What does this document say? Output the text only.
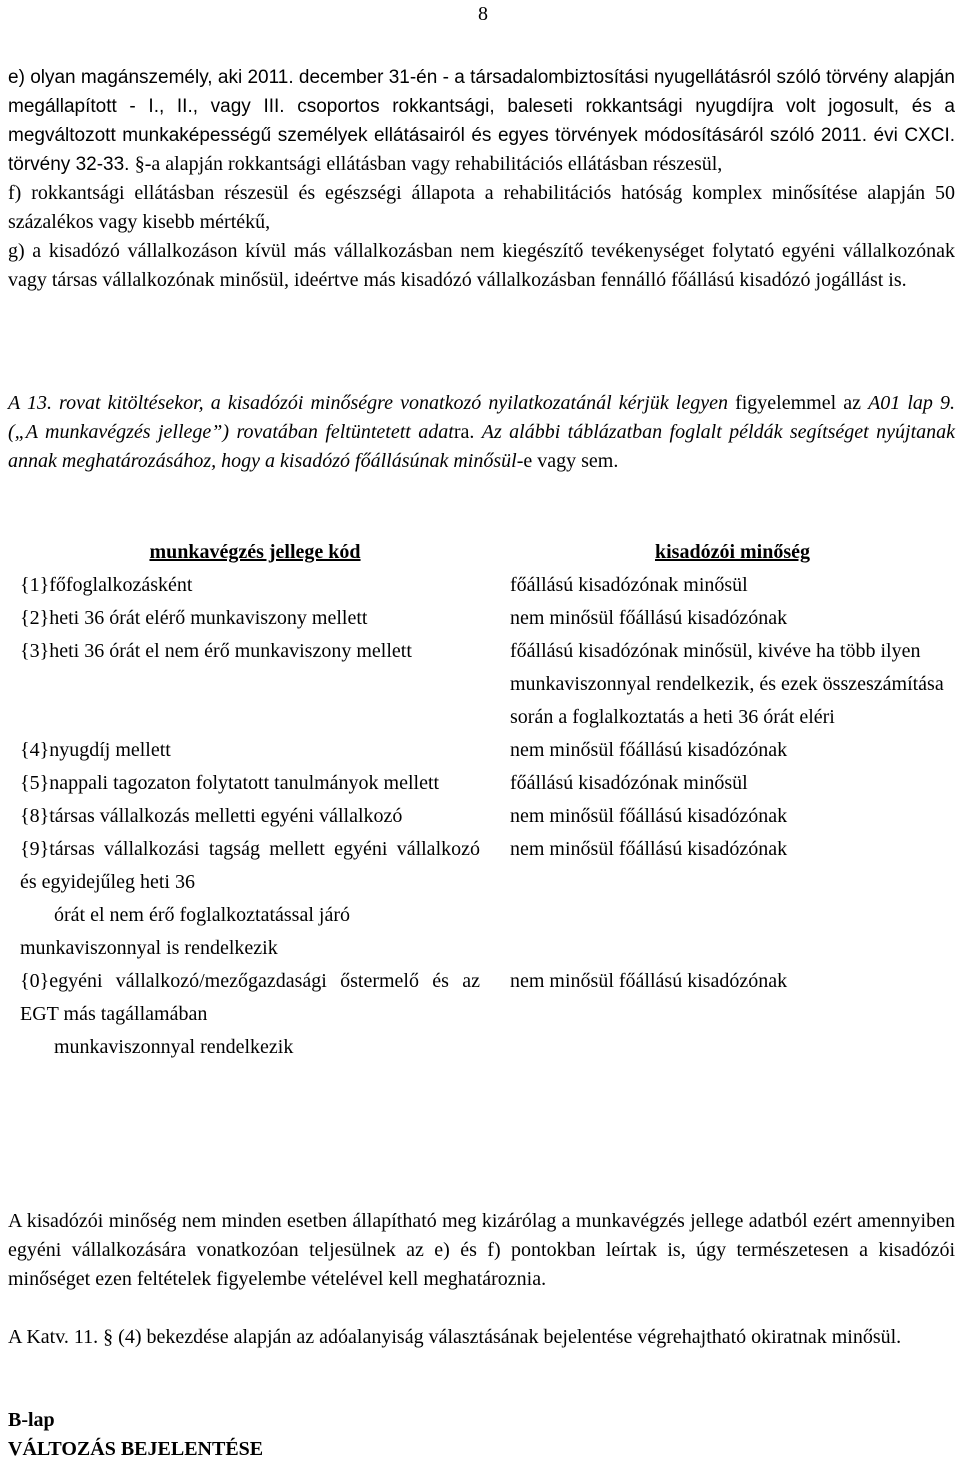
8

e) olyan magánszemély, aki 2011. december 31-én - a társadalombiztosítási nyugellátásról szóló törvény alapján megállapított - I., II., vagy III. csoportos rokkantsági, baleseti rokkantsági nyugdíjra volt jogosult, és a megváltozott munkaképességű személyek ellátásairól és egyes törvények módosításáról szóló 2011. évi CXCI. törvény 32-33. §-a alapján rokkantsági ellátásban vagy rehabilitációs ellátásban részesül,

f) rokkantsági ellátásban részesül és egészségi állapota a rehabilitációs hatóság komplex minősítése alapján 50 százalékos vagy kisebb mértékű,

g) a kisadózó vállalkozáson kívül más vállalkozásban nem kiegészítő tevékenységet folytató egyéni vállalkozónak vagy társas vállalkozónak minősül, ideértve más kisadózó vállalkozásban fennálló főállású kisadózó jogállást is.

A 13. rovat kitöltésekor, a kisadózói minőségre vonatkozó nyilatkozatánál kérjük legyen figyelemmel az A01 lap 9. („A munkavégzés jellege”) rovatában feltüntetett adatra. Az alábbi táblázatban foglalt példák segítséget nyújtanak annak meghatározásához, hogy a kisadózó főállásúnak minősül-e vagy sem.

munkavégzés jellege kód	kisadózói minőség
{1}főfoglalkozásként	főállású kisadózónak minősül
{2}heti 36 órát elérő munkaviszony mellett	nem minősül főállású kisadózónak
{3}heti 36 órát el nem érő munkaviszony mellett	főállású kisadózónak minősül, kivéve ha több ilyen munkaviszonnyal rendelkezik, és ezek összeszámítása során a foglalkoztatás a heti 36 órát eléri
{4}nyugdíj mellett	nem minősül főállású kisadózónak
{5}nappali tagozaton folytatott tanulmányok mellett	főállású kisadózónak minősül
{8}társas vállalkozás melletti egyéni vállalkozó	nem minősül főállású kisadózónak
{9}társas vállalkozási tagság mellett egyéni vállalkozó és egyidejűleg heti 36
órát el nem érő foglalkoztatással járó
munkaviszonnyal is rendelkezik	nem minősül főállású kisadózónak
{0}egyéni vállalkozó/mezőgazdasági őstermelő és az EGT más tagállamában
munkaviszonnyal rendelkezik	nem minősül főállású kisadózónak

A kisadózói minőség nem minden esetben állapítható meg kizárólag a munkavégzés jellege adatból ezért amennyiben egyéni vállalkozására vonatkozóan teljesülnek az e) és f) pontokban leírtak is, úgy természetesen a kisadózói minőséget ezen feltételek figyelembe vételével kell meghatároznia.

A Katv. 11. § (4) bekezdése alapján az adóalanyiság választásának bejelentése végrehajtható okiratnak minősül.

B-lap
VÁLTOZÁS BEJELENTÉSE
